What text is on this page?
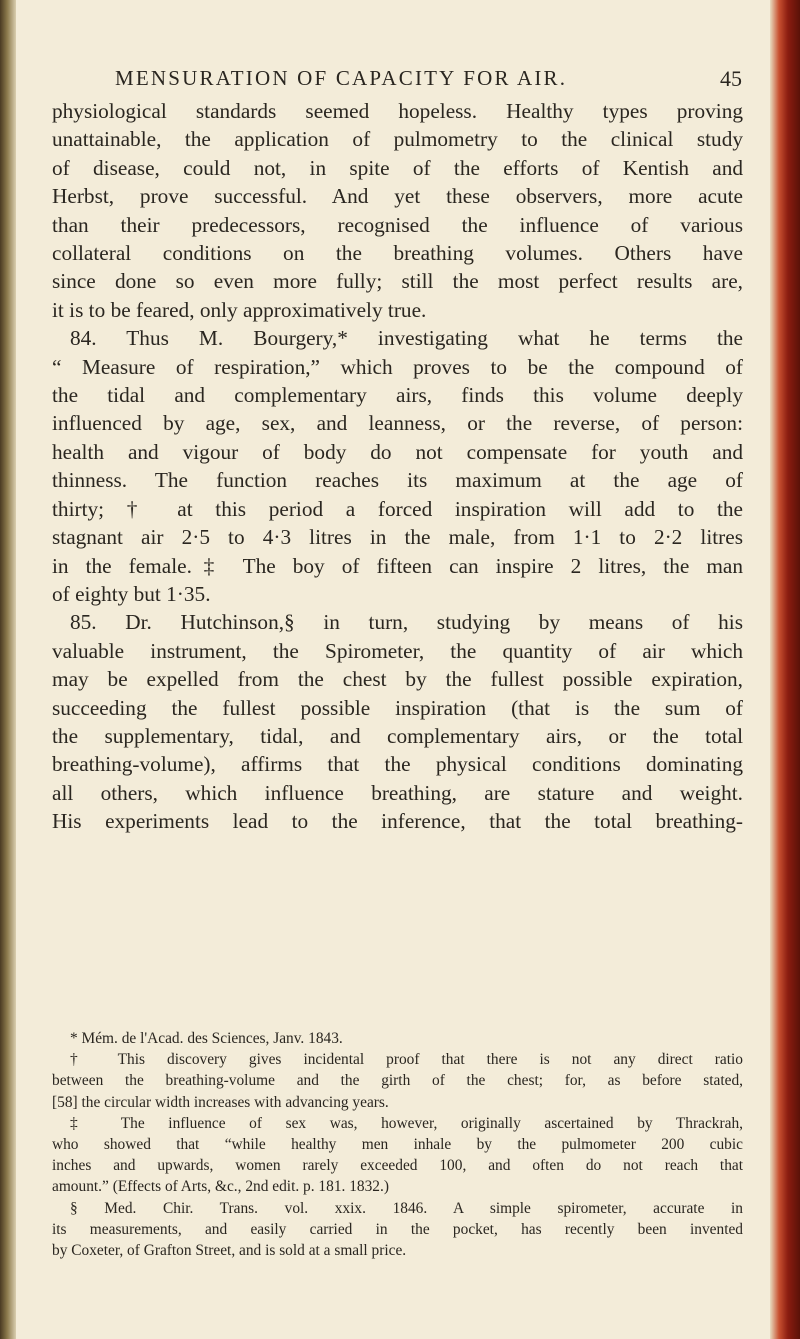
MENSURATION OF CAPACITY FOR AIR.	45
physiological standards seemed hopeless. Healthy types proving
unattainable, the application of pulmometry to the clinical study
of disease, could not, in spite of the efforts of Kentish and
Herbst, prove successful. And yet these observers, more acute
than their predecessors, recognised the influence of various
collateral conditions on the breathing volumes. Others have
since done so even more fully; still the most perfect results are,
it is to be feared, only approximatively true.
84. Thus M. Bourgery,* investigating what he terms the
“ Measure of respiration,” which proves to be the compound of
the tidal and complementary airs, finds this volume deeply
influenced by age, sex, and leanness, or the reverse, of person:
health and vigour of body do not compensate for youth and
thinness. The function reaches its maximum at the age of
thirty; † at this period a forced inspiration will add to the
stagnant air 2·5 to 4·3 litres in the male, from 1·1 to 2·2 litres
in the female.‡ The boy of fifteen can inspire 2 litres, the man
of eighty but 1·35.
85. Dr. Hutchinson,§ in turn, studying by means of his
valuable instrument, the Spirometer, the quantity of air which
may be expelled from the chest by the fullest possible expiration,
succeeding the fullest possible inspiration (that is the sum of
the supplementary, tidal, and complementary airs, or the total
breathing-volume), affirms that the physical conditions dominating
all others, which influence breathing, are stature and weight.
His experiments lead to the inference, that the total breathing-
* Mém. de l'Acad. des Sciences, Janv. 1843.
† This discovery gives incidental proof that there is not any direct ratio
between the breathing-volume and the girth of the chest; for, as before stated,
[58] the circular width increases with advancing years.
‡ The influence of sex was, however, originally ascertained by Thrackrah,
who showed that “while healthy men inhale by the pulmometer 200 cubic
inches and upwards, women rarely exceeded 100, and often do not reach that
amount.” (Effects of Arts, &c., 2nd edit. p. 181. 1832.)
§ Med. Chir. Trans. vol. xxix. 1846. A simple spirometer, accurate in
its measurements, and easily carried in the pocket, has recently been invented
by Coxeter, of Grafton Street, and is sold at a small price.
